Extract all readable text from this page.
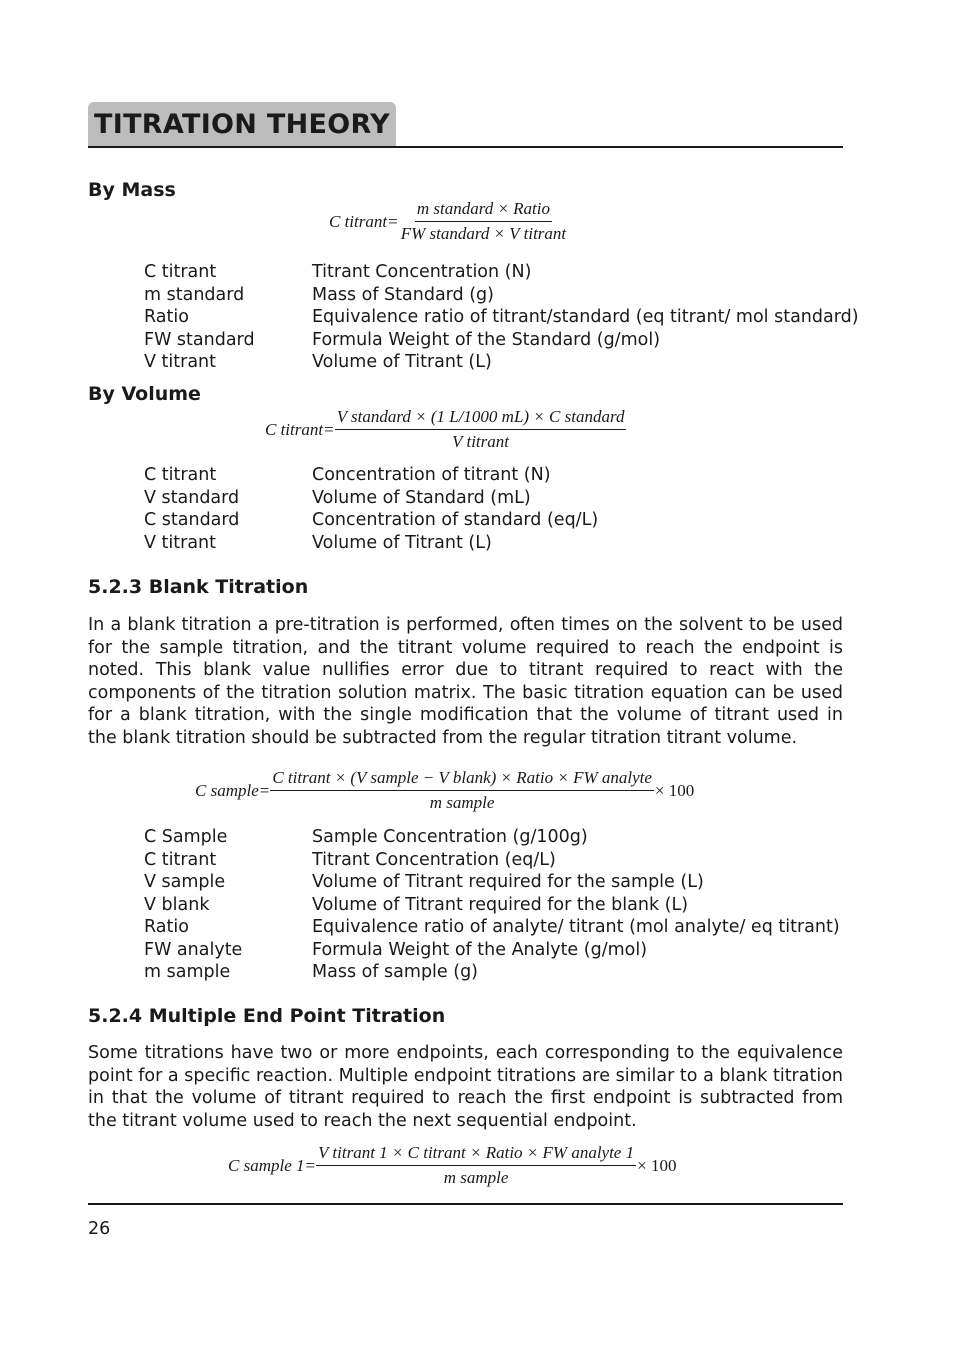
TITRATION THEORY
By Mass
C titrant = $\frac{\text{m standard × Ratio}}{\text{FW standard × V titrant}}$
C titrant	Titrant Concentration (N)
m standard	Mass of Standard (g)
Ratio	Equivalence ratio of titrant/standard (eq titrant/ mol standard)
FW standard	Formula Weight of the Standard (g/mol)
V titrant	Volume of Titrant (L)
By Volume
C titrant = $\frac{\text{V standard × (1 L/1000 mL) × C standard}}{\text{V titrant}}$
C titrant	Concentration of titrant (N)
V standard	Volume of Standard (mL)
C standard	Concentration of standard (eq/L)
V titrant	Volume of Titrant (L)
5.2.3 Blank Titration
In a blank titration a pre-titration is performed, often times on the solvent to be used for the sample titration, and the titrant volume required to reach the endpoint is noted. This blank value nullifies error due to titrant required to react with the components of the titration solution matrix. The basic titration equation can be used for a blank titration, with the single modification that the volume of titrant used in the blank titration should be subtracted from the regular titration titrant volume.
C sample = $\frac{\text{C titrant × (V sample − V blank) × Ratio × FW analyte}}{\text{m sample}} \times 100$
C Sample	Sample Concentration (g/100g)
C titrant	Titrant Concentration (eq/L)
V sample	Volume of Titrant required for the sample (L)
V blank	Volume of Titrant required for the blank (L)
Ratio	Equivalence ratio of analyte/ titrant (mol analyte/ eq titrant)
FW analyte	Formula Weight of the Analyte (g/mol)
m sample	Mass of sample (g)
5.2.4 Multiple End Point Titration
Some titrations have two or more endpoints, each corresponding to the equivalence point for a specific reaction. Multiple endpoint titrations are similar to a blank titration in that the volume of titrant required to reach the first endpoint is subtracted from the titrant volume used to reach the next sequential endpoint.
C sample $1 = \frac{\text{V titrant 1 × C titrant × Ratio × FW analyte 1}}{\text{m sample}} \times 100$
26
